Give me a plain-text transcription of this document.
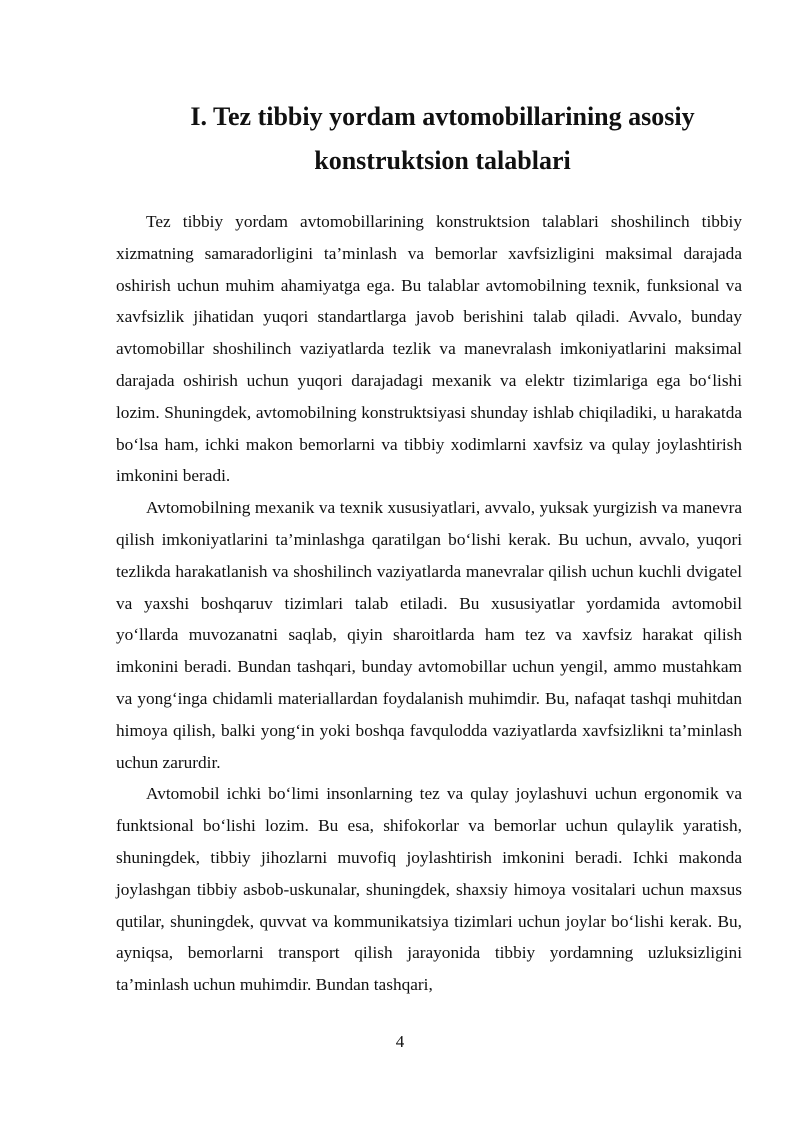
I. Tez tibbiy yordam avtomobillarining asosiy
konstruktsion talablari

Tez tibbiy yordam avtomobillarining konstruktsion talablari shoshilinch tibbiy xizmatning samaradorligini ta’minlash va bemorlar xavfsizligini maksimal darajada oshirish uchun muhim ahamiyatga ega. Bu talablar avtomobilning texnik, funksional va xavfsizlik jihatidan yuqori standartlarga javob berishini talab qiladi. Avvalo, bunday avtomobillar shoshilinch vaziyatlarda tezlik va manevralash imkoniyatlarini maksimal darajada oshirish uchun yuqori darajadagi mexanik va elektr tizimlariga ega bo‘lishi lozim. Shuningdek, avtomobilning konstruktsiyasi shunday ishlab chiqiladiki, u harakatda bo‘lsa ham, ichki makon bemorlarni va tibbiy xodimlarni xavfsiz va qulay joylashtirish imkonini beradi.

Avtomobilning mexanik va texnik xususiyatlari, avvalo, yuksak yurgizish va manevra qilish imkoniyatlarini ta’minlashga qaratilgan bo‘lishi kerak. Bu uchun, avvalo, yuqori tezlikda harakatlanish va shoshilinch vaziyatlarda manevralar qilish uchun kuchli dvigatel va yaxshi boshqaruv tizimlari talab etiladi. Bu xususiyatlar yordamida avtomobil yo‘llarda muvozanatni saqlab, qiyin sharoitlarda ham tez va xavfsiz harakat qilish imkonini beradi. Bundan tashqari, bunday avtomobillar uchun yengil, ammo mustahkam va yong‘inga chidamli materiallardan foydalanish muhimdir. Bu, nafaqat tashqi muhitdan himoya qilish, balki yong‘in yoki boshqa favqulodda vaziyatlarda xavfsizlikni ta’minlash uchun zarurdir.

Avtomobil ichki bo‘limi insonlarning tez va qulay joylashuvi uchun ergonomik va funktsional bo‘lishi lozim. Bu esa, shifokorlar va bemorlar uchun qulaylik yaratish, shuningdek, tibbiy jihozlarni muvofiq joylashtirish imkonini beradi. Ichki makonda joylashgan tibbiy asbob-uskunalar, shuningdek, shaxsiy himoya vositalari uchun maxsus qutilar, shuningdek, quvvat va kommunikatsiya tizimlari uchun joylar bo‘lishi kerak. Bu, ayniqsa, bemorlarni transport qilish jarayonida tibbiy yordamning uzluksizligini ta’minlash uchun muhimdir. Bundan tashqari,

4
